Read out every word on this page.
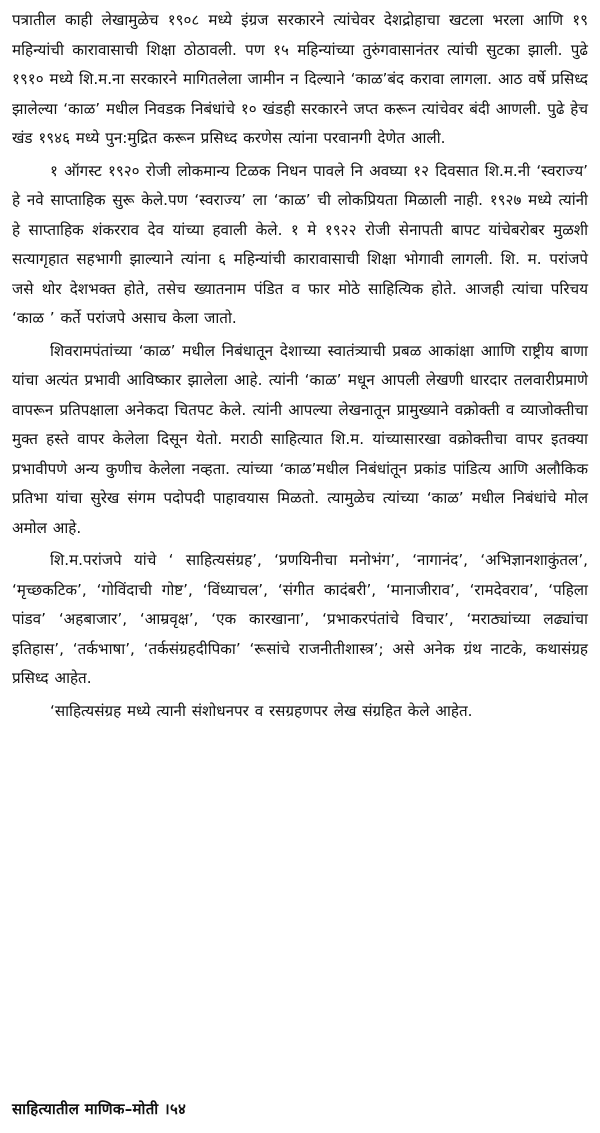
पत्रातील काही लेखामुळेच १९०८ मध्ये इंग्रज सरकारने त्यांचेवर देशद्रोहाचा खटला भरला आणि १९ महिन्यांची कारावासाची शिक्षा ठोठावली. पण १५ महिन्यांच्या तुरुंगवासानंतर त्यांची सुटका झाली. पुढे १९१० मध्ये शि.म.ना सरकारने मागितलेला जामीन न दिल्याने ‘काळ’बंद करावा लागला. आठ वर्षे प्रसिध्द झालेल्या ‘काळ’ मधील निवडक निबंधांचे १० खंडही सरकारने जप्त करून त्यांचेवर बंदी आणली. पुढे हेच खंड १९४६ मध्ये पुन:मुद्रित करून प्रसिध्द करणेस त्यांना परवानगी देणेत आली.

१ ऑगस्ट १९२० रोजी लोकमान्य टिळक निधन पावले नि अवघ्या १२ दिवसात शि.म.नी ‘स्वराज्य’ हे नवे साप्ताहिक सुरू केले.पण ‘स्वराज्य’ ला ‘काळ’ ची लोकप्रियता मिळाली नाही. १९२७ मध्ये त्यांनी हे साप्ताहिक शंकरराव देव यांच्या हवाली केले. १ मे १९२२ रोजी सेनापती बापट यांचेबरोबर मुळशी सत्यागृहात सहभागी झाल्याने त्यांना ६ महिन्यांची कारावासाची शिक्षा भोगावी लागली. शि. म. परांजपे जसे थोर देशभक्त होते, तसेच ख्यातनाम पंडित व फार मोठे साहित्यिक होते. आजही त्यांचा परिचय ‘काळ ’ कर्ते परांजपे असाच केला जातो.

शिवरामपंतांच्या ‘काळ’ मधील निबंधातून देशाच्या स्वातंत्र्याची प्रबळ आकांक्षा आाणि राष्ट्रीय बाणा यांचा अत्यंत प्रभावी आविष्कार झालेला आहे. त्यांनी ‘काळ’ मधून आपली लेखणी धारदार तलवारीप्रमाणे वापरून प्रतिपक्षाला अनेकदा चितपट केले. त्यांनी आपल्या लेखनातून प्रामुख्याने वक्रोक्ती व व्याजोक्तीचा मुक्त हस्ते वापर केलेला दिसून येतो. मराठी साहित्यात शि.म. यांच्यासारखा वक्रोक्तीचा वापर इतक्या प्रभावीपणे अन्य कुणीच केलेला नव्हता. त्यांच्या ‘काळ’मधील निबंधांतून प्रकांड पांडित्य आणि अलौकिक प्रतिभा यांचा सुरेख संगम पदोपदी पाहावयास मिळतो. त्यामुळेच त्यांच्या ‘काळ’ मधील निबंधांचे मोल अमोल आहे.

शि.म.परांजपे यांचे ‘ साहित्यसंग्रह’, ‘प्रणयिनीचा मनोभंग’, ‘नागानंद’, ‘अभिज्ञानशाकुंतल’, ‘मृच्छकटिक’, ‘गोविंदाची गोष्ट’, ‘विंध्याचल’, ‘संगीत कादंबरी’, ‘मानाजीराव’, ‘रामदेवराव’, ‘पहिला पांडव’ ‘अहबाजार’, ‘आम्रवृक्ष’, ‘एक कारखाना’, ‘प्रभाकरपंतांचे विचार’, ‘मराठ्यांच्या लढ्यांचा इतिहास’, ‘तर्कभाषा’, ‘तर्कसंग्रहदीपिका’ ‘रूसांचे राजनीतीशास्त्र’; असे अनेक ग्रंथ नाटके, कथासंग्रह प्रसिध्द आहेत.

‘साहित्यसंग्रह मध्ये त्यानी संशोधनपर व रसग्रहणपर लेख संग्रहित केले आहेत.

साहित्यातील माणिक–मोती ।५४
